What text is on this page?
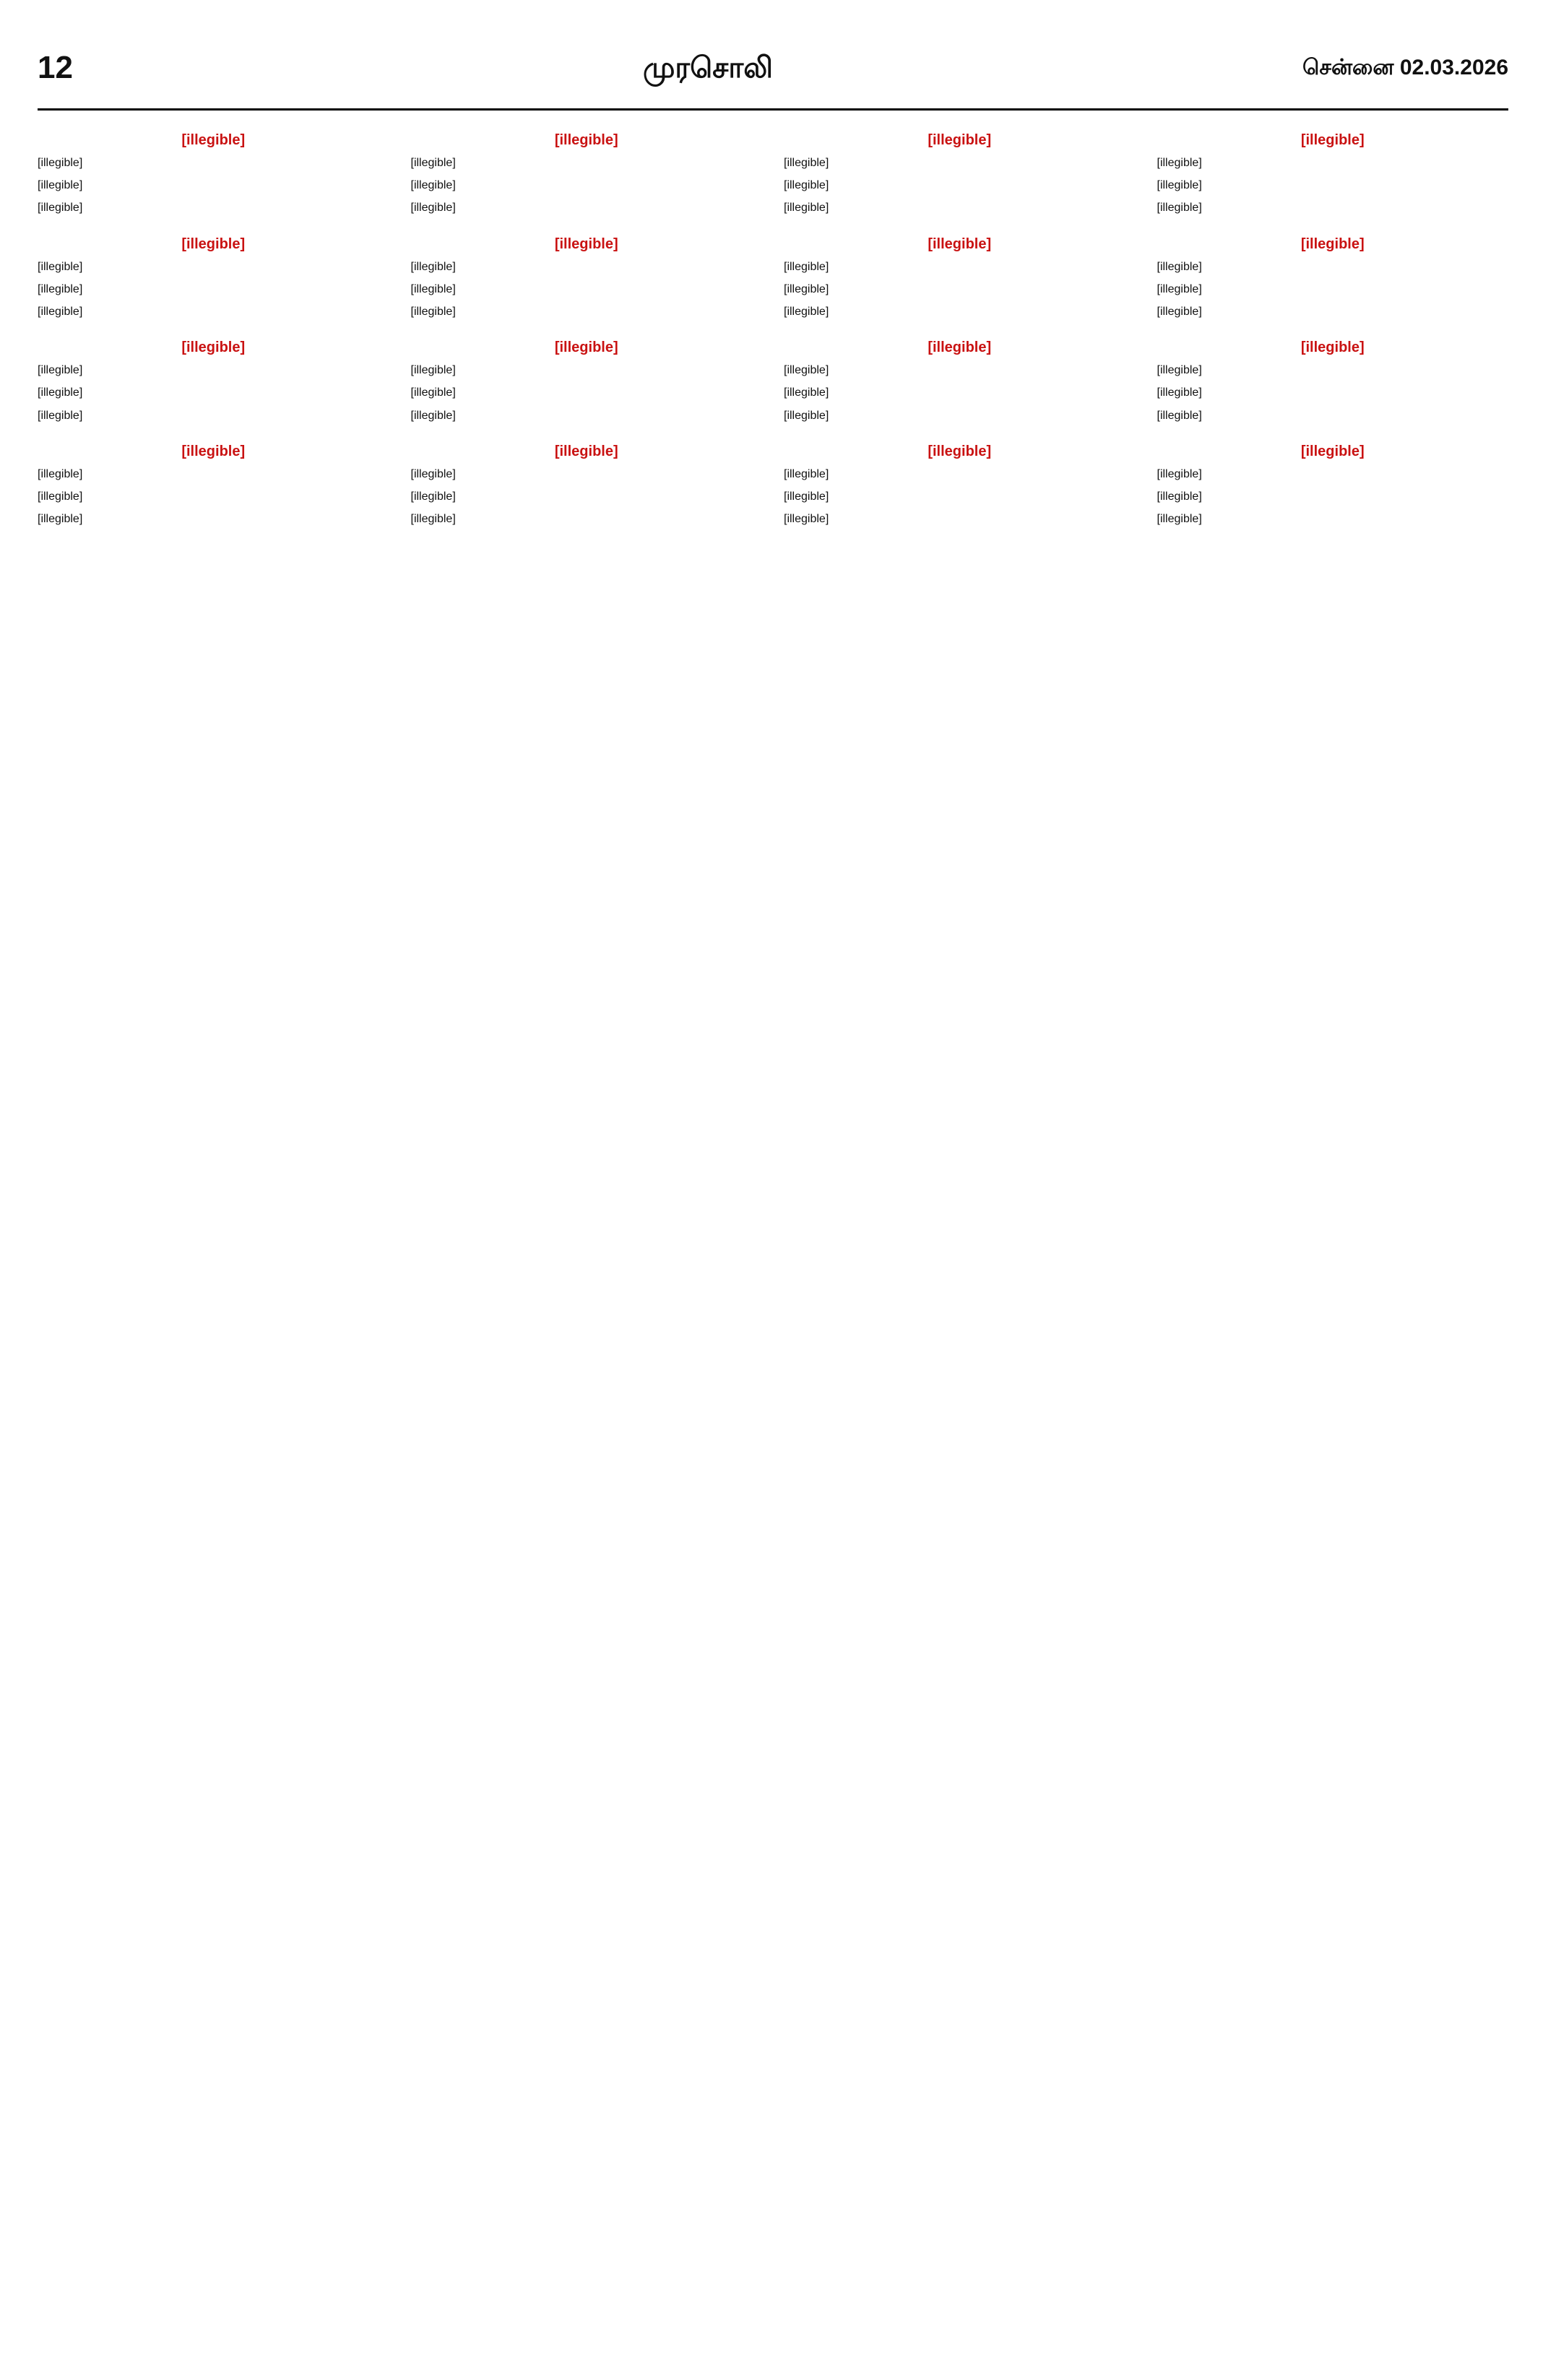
12	முரசொலி	சென்னை 02.03.2026
[illegible]
[illegible]
[illegible]
[illegible]
[illegible]
[illegible]
[illegible]
[illegible]
[illegible]
[illegible]
[illegible]
[illegible]
[illegible]
[illegible]
[illegible]
[illegible]
[illegible]
[illegible]
[illegible]
[illegible]
[illegible]
[illegible]
[illegible]
[illegible]
[illegible]
[illegible]
[illegible]
[illegible]
[illegible]
[illegible]
[illegible]
[illegible]
[illegible]
[illegible]
[illegible]
[illegible]
[illegible]
[illegible]
[illegible]
[illegible]
[illegible]
[illegible]
[illegible]
[illegible]
[illegible]
[illegible]
[illegible]
[illegible]
[illegible]
[illegible]
[illegible]
[illegible]
[illegible]
[illegible]
[illegible]
[illegible]
[illegible]
[illegible]
[illegible]
[illegible]
[illegible]
[illegible]
[illegible]
[illegible]
